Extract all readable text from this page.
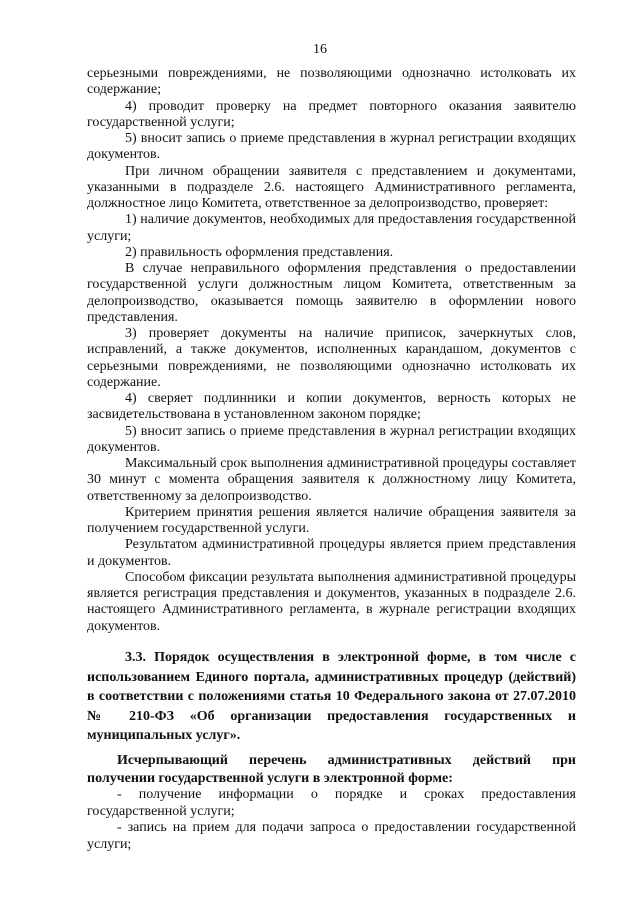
16

серьезными повреждениями, не позволяющими однозначно истолковать их содержание;

4) проводит проверку на предмет повторного оказания заявителю государственной услуги;

5) вносит запись о приеме представления в журнал регистрации входящих документов.

При личном обращении заявителя с представлением и документами, указанными в подразделе 2.6. настоящего Административного регламента, должностное лицо Комитета, ответственное за делопроизводство, проверяет:

1) наличие документов, необходимых для предоставления государственной услуги;

2) правильность оформления представления.

В случае неправильного оформления представления о предоставлении государственной услуги должностным лицом Комитета, ответственным за делопроизводство, оказывается помощь заявителю в оформлении нового представления.

3) проверяет документы на наличие приписок, зачеркнутых слов, исправлений, а также документов, исполненных карандашом, документов с серьезными повреждениями, не позволяющими однозначно истолковать их содержание.

4) сверяет подлинники и копии документов, верность которых не засвидетельствована в установленном законом порядке;

5) вносит запись о приеме представления в журнал регистрации входящих документов.

Максимальный срок выполнения административной процедуры составляет 30 минут с момента обращения заявителя к должностному лицу Комитета, ответственному за делопроизводство.

Критерием принятия решения является наличие обращения заявителя за получением государственной услуги.

Результатом административной процедуры является прием представления и документов.

Способом фиксации результата выполнения административной процедуры является регистрация представления и документов, указанных в подразделе 2.6. настоящего Административного регламента, в журнале регистрации входящих документов.

3.3. Порядок осуществления в электронной форме, в том числе с использованием Единого портала, административных процедур (действий) в соответствии с положениями статья 10 Федерального закона от 27.07.2010 № 210-ФЗ «Об организации предоставления государственных и муниципальных услуг».
Исчерпывающий перечень административных действий при получении государственной услуги в электронной форме:

- получение информации о порядке и сроках предоставления государственной услуги;

- запись на прием для подачи запроса о предоставлении государственной услуги;
